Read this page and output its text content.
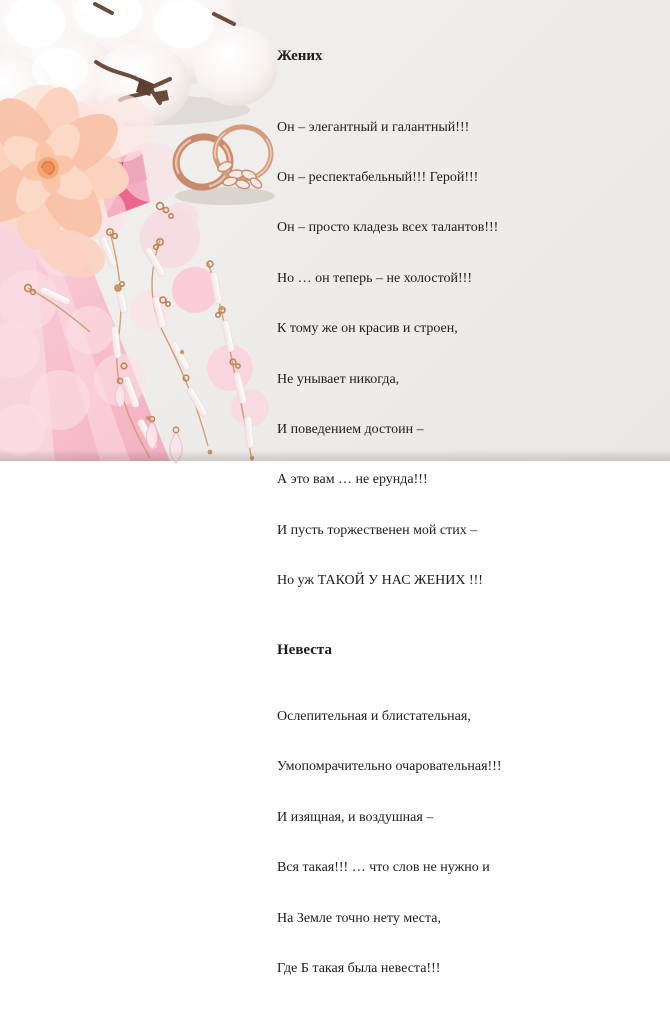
Жених

Он – элегантный и галантный!!!

Он – респектабельный!!! Герой!!!

Он – просто кладезь всех талантов!!!

Но … он теперь – не холостой!!!

К тому же он красив и строен,

Не унывает никогда,

И поведением достоин –

А это вам … не ерунда!!!

И пусть торжественен мой стих –

Но уж ТАКОЙ У НАС ЖЕНИХ !!!

Невеста

Ослепительная и блистательная,

Умопомрачительно очаровательная!!!

И изящная, и воздушная –

Вся такая!!! … что слов не нужно и

На Земле точно нету места,

Где Б такая была невеста!!!
